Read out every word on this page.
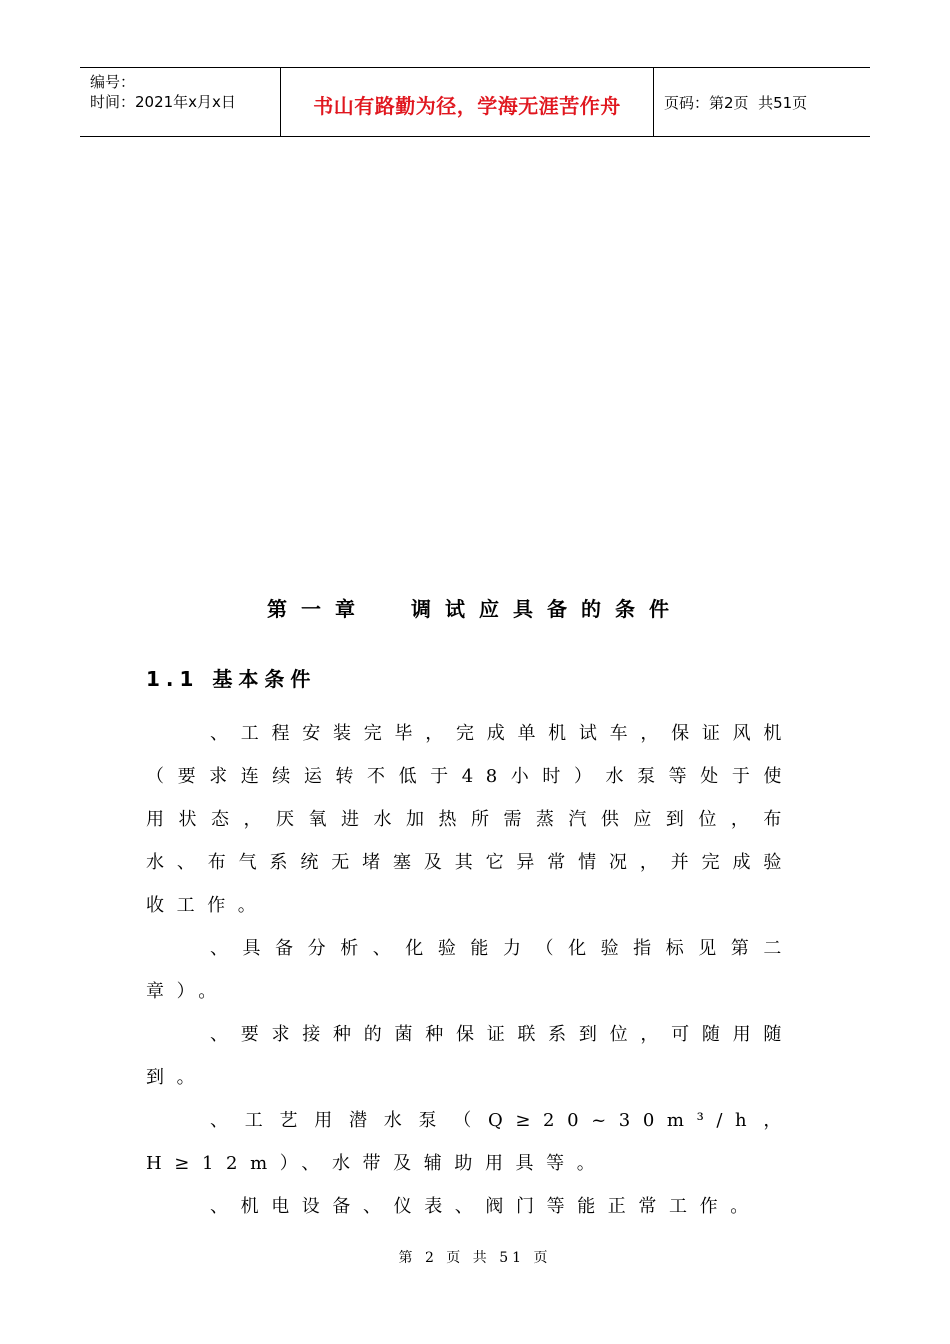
编号：
时间：2021年x月x日	书山有路勤为径，学海无涯苦作舟	页码：第2页  共51页
第一章  调试应具备的条件
1.1 基本条件

、工程安装完毕，完成单机试车，保证风机（要求连续运转不低于48小时）水泵等处于使用状态，厌氧进水加热所需蒸汽供应到位，布水、布气系统无堵塞及其它异常情况，并完成验收工作。

、具备分析、化验能力（化验指标见第二章）。

、要求接种的菌种保证联系到位，可随用随到。

、工艺用潜水泵（Q≥20~30m³/h，H≥12m）、水带及辅助用具等。

、机电设备、仪表、阀门等能正常工作。

第 2 页 共 51 页
